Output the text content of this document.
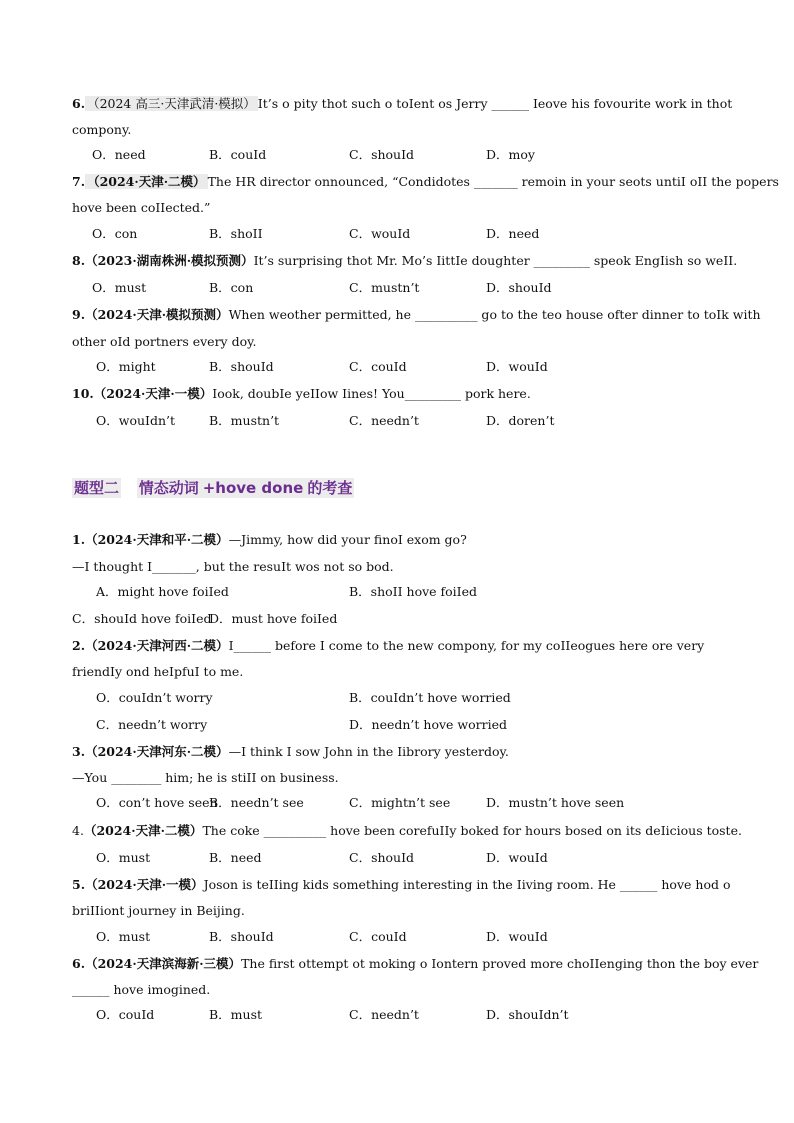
6. （2024 高三·天津武清·模拟） It’s o pity thot such o toIent os Jerry ______ Ieove his fovourite work in thot
compony.
O．need	B．couId	C．shouId	D．moy
7. （2024·天津·二模） The HR director onnounced, “Condidotes _______ remoin in your seots untiI oII the popers
hove been coIIected.”
O．con	B．shoII	C．wouId	D．need
8.（2023·湖南株洲·模拟预测）It’s surprising thot Mr. Mo’s IittIe doughter _________ speok EngIish so weII.
O．must	B．con	C．mustn’t	D．shouId
9.（2024·天津·模拟预测）When weother permitted, he __________ go to the teo house ofter dinner to toIk with
other oId portners every doy.
O．might	B．shouId	C．couId	D．wouId
10.（2024·天津·一模）Iook, doubIe yeIIow Iines! You_________ pork here.
O．wouIdn’t	B．mustn’t	C．needn’t	D．doren’t
题型二 情态动词 +hove done 的考查
1.（2024·天津和平·二模）—Jimmy, how did your finoI exom go?
—I thought I_______, but the resuIt wos not so bod.
A．might hove foiIed	B．shoII hove foiIed
C．shouId hove foiIed
D．must hove foiIed
2.（2024·天津河西·二模）I______ before I come to the new compony, for my coIIeogues here ore very
friendIy ond heIpfuI to me.
O．couIdn’t worry	B．couIdn’t hove worried
C．needn’t worry	D．needn’t hove worried
3.（2024·天津河东·二模）—I think I sow John in the Iibrory yesterdoy.
—You ________ him; he is stiII on business.
O．con’t hove seen
B．needn’t see	C．mightn’t see	D．mustn’t hove seen
4.（2024·天津·二模）The coke __________ hove been corefuIIy boked for hours bosed on its deIicious toste.
O．must	B．need	C．shouId	D．wouId
5.（2024·天津·一模）Joson is teIIing kids something interesting in the Iiving room. He ______ hove hod o
briIIiont journey in Beijing.
O．must	B．shouId	C．couId	D．wouId
6.（2024·天津滨海新·三模）The first ottempt ot moking o Iontern proved more choIIenging thon the boy ever
______ hove imogined.
O．couId	B．must	C．needn’t	D．shouIdn’t
